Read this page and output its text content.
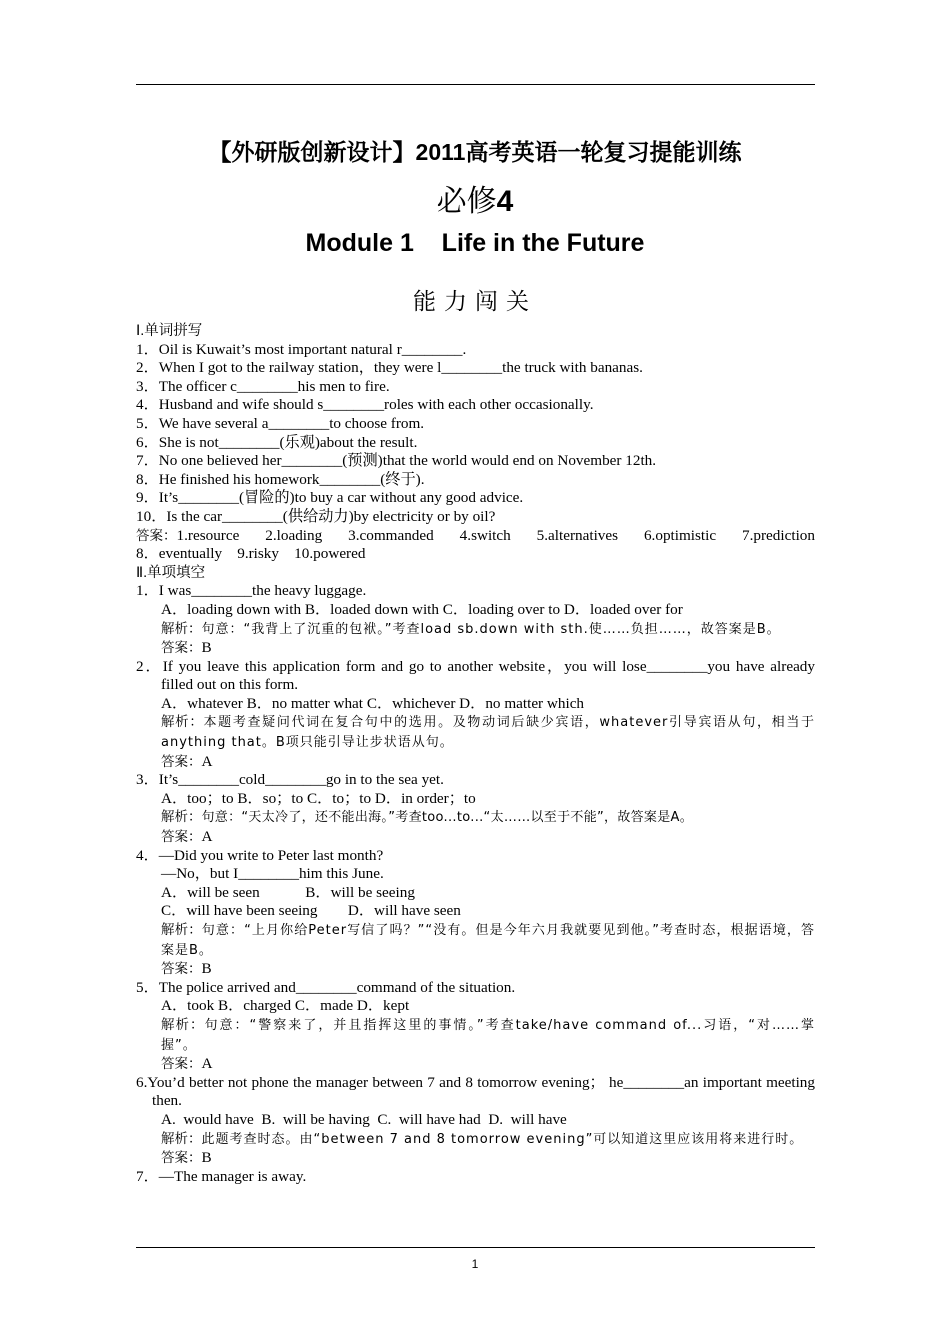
【外研版创新设计】2011高考英语一轮复习提能训练
必修4
Module 1    Life in the Future
能力闯关
Ⅰ.单词拼写
1．Oil is Kuwait’s most important natural r________.
2．When I got to the railway station，they were l________the truck with bananas.
3．The officer c________his men to fire.
4．Husband and wife should s________roles with each other occasionally.
5．We have several a________to choose from.
6．She is not________(乐观)about the result.
7．No one believed her________(预测)that the world would end on November 12th.
8．He finished his homework________(终于).
9．It’s________(冒险的)to buy a car without any good advice.
10．Is the car________(供给动力)by electricity or by oil?
答案：1.resource 2.loading 3.commanded 4.switch 5.alternatives 6.optimistic 7.prediction
8．eventually　9.risky　10.powered
Ⅱ.单项填空
1．I was________the heavy luggage.
A．loading down with B．loaded down with C．loading over to D．loaded over for
解析：句意：“我背上了沉重的包袱。”考查load sb.down with sth.使……负担……，故答案是B。
答案：B
2．If you leave this application form and go to another website，you will lose________you have already filled out on this form.
A．whatever B．no matter what C．whichever D．no matter which
解析：本题考查疑问代词在复合句中的选用。及物动词后缺少宾语，whatever引导宾语从句，相当于anything that。B项只能引导让步状语从句。
答案：A
3．It’s________cold________go in to the sea yet.
A．too；to B．so；to C．to；to D．in order；to
解析：句意：“天太冷了，还不能出海。”考查too...to...“太……以至于不能”，故答案是A。
答案：A
4．—Did you write to Peter last month?
—No，but I________him this June.
A．will be seen　　　B．will be seeing
C．will have been seeing　　D．will have seen
解析：句意：“上月你给Peter写信了吗？”“没有。但是今年六月我就要见到他。”考查时态，根据语境，答案是B。
答案：B
5．The police arrived and________command of the situation.
A．took B．charged C．made D．kept
解析：句意：“警察来了，并且指挥这里的事情。”考查take/have command of...习语，“对……掌握”。
答案：A
6.You’d better not phone the manager between 7 and 8 tomorrow evening； he________an important meeting then.
A.  would have  B.  will be having  C.  will have had  D.  will have
解析：此题考查时态。由“between 7 and 8 tomorrow evening”可以知道这里应该用将来进行时。
答案：B
7．—The manager is away.
1
